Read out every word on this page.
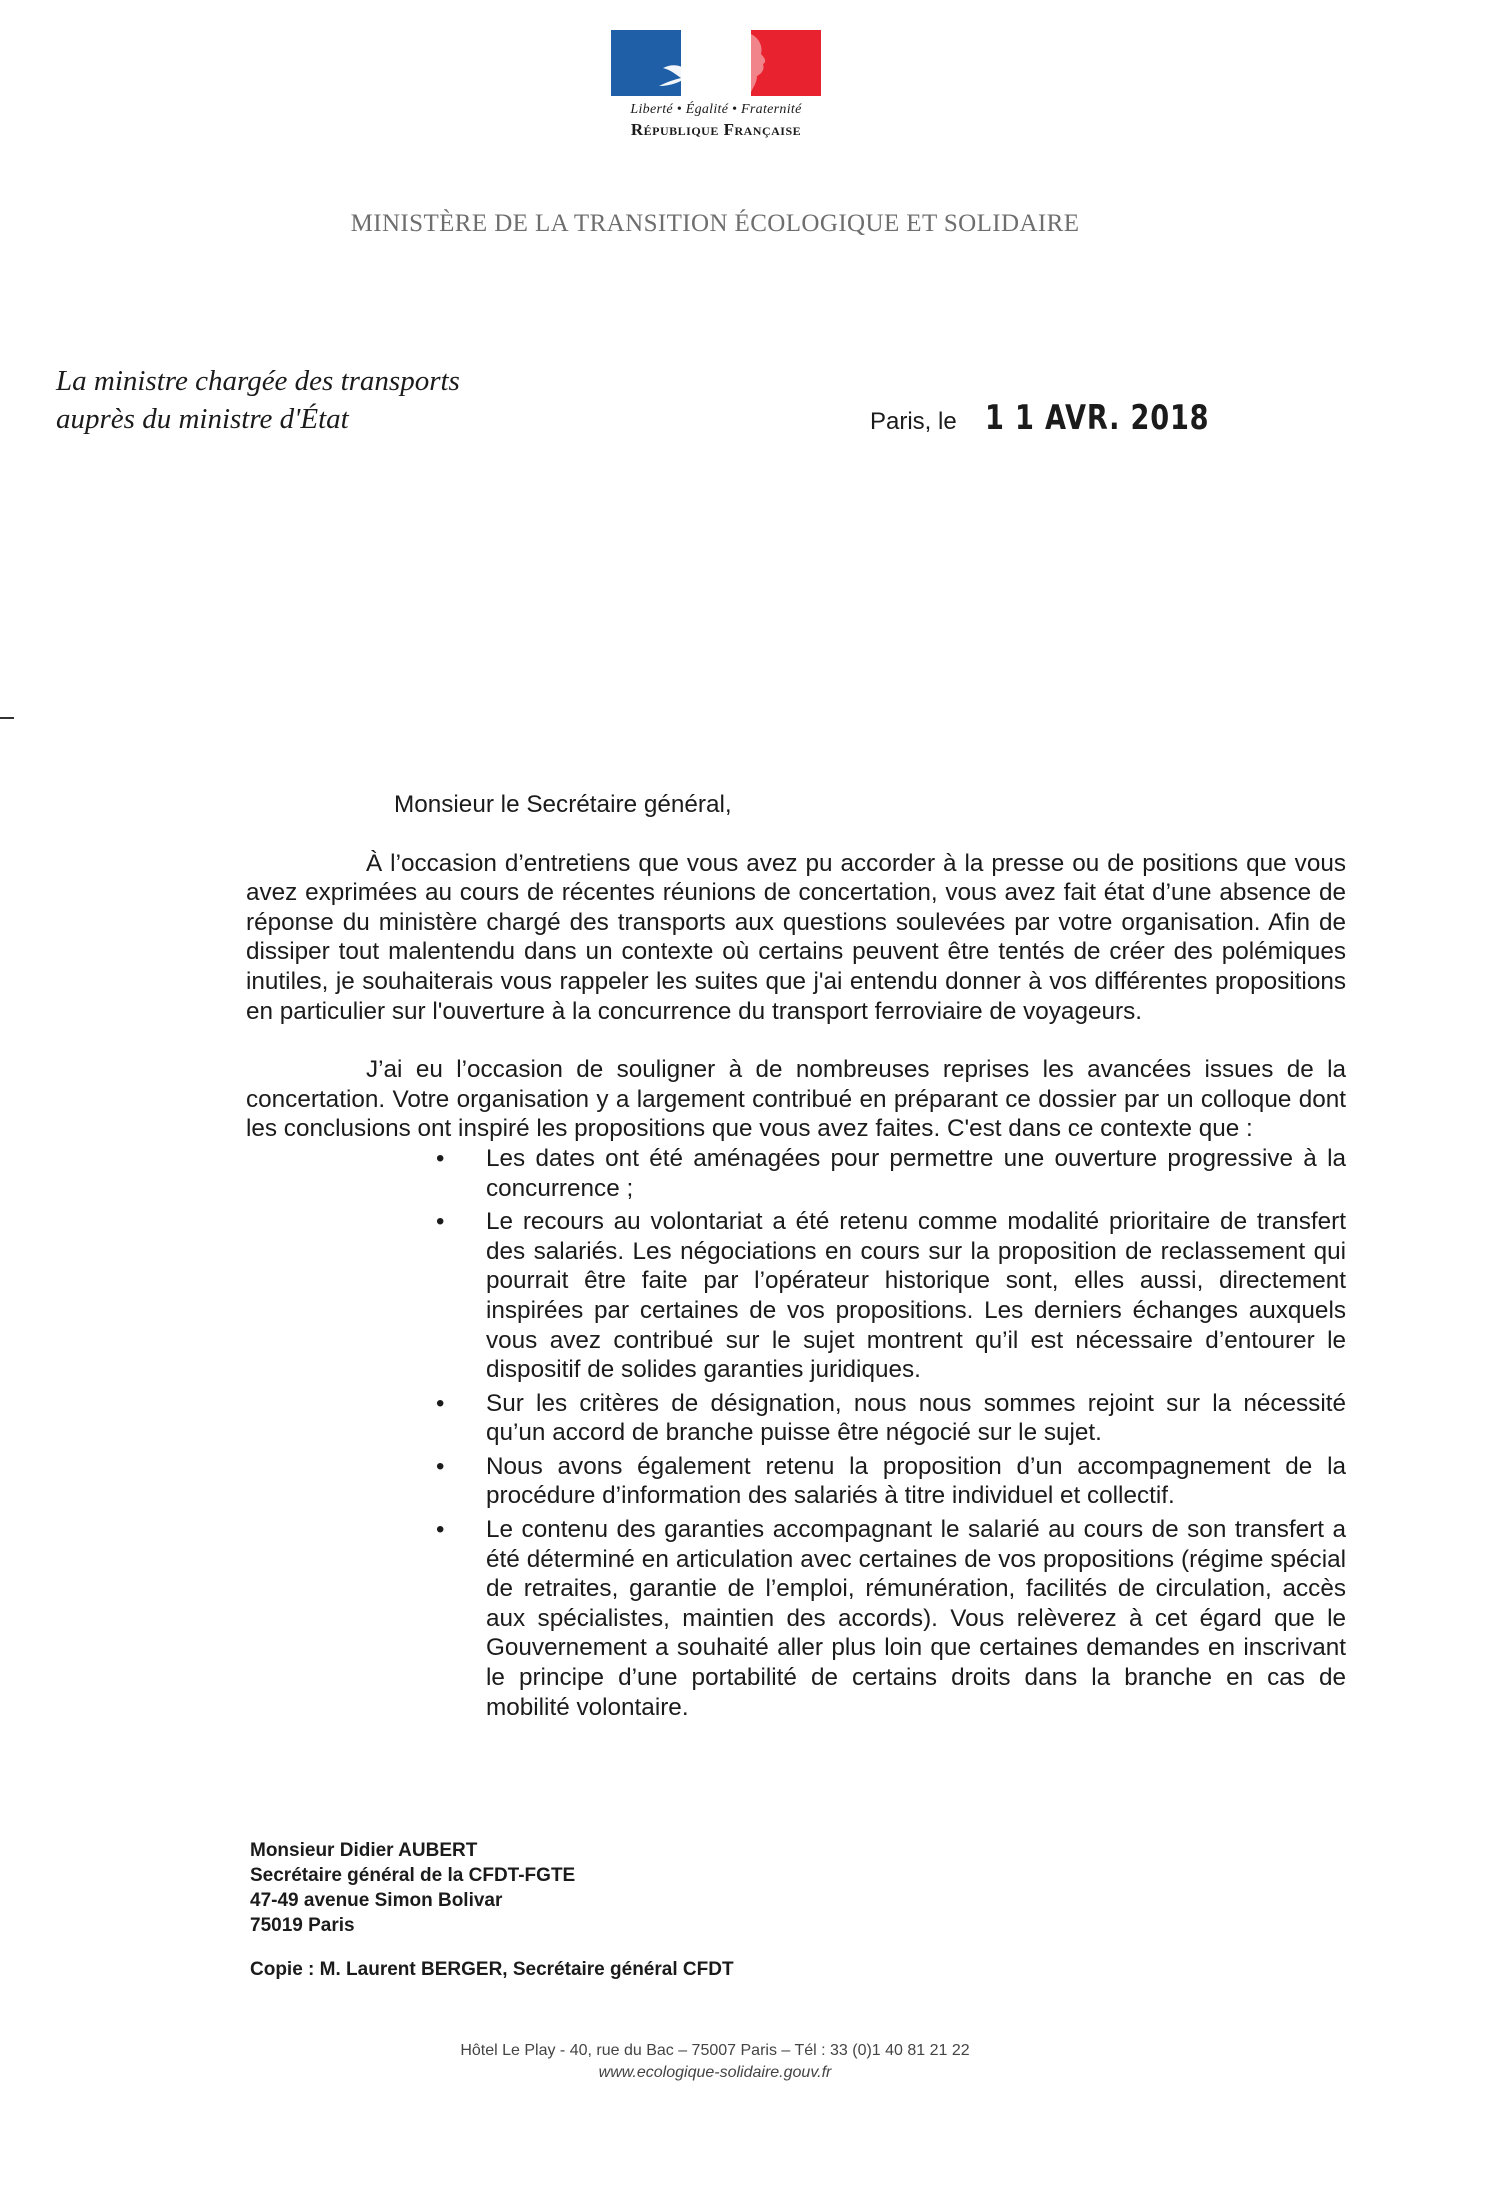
Liberté • Égalité • Fraternité
République Française
MINISTÈRE DE LA TRANSITION ÉCOLOGIQUE ET SOLIDAIRE
La ministre chargée des transports
auprès du ministre d'État	Paris, le 1 1 AVR. 2018

Monsieur le Secrétaire général,

À l’occasion d’entretiens que vous avez pu accorder à la presse ou de positions que vous avez exprimées au cours de récentes réunions de concertation, vous avez fait état d’une absence de réponse du ministère chargé des transports aux questions soulevées par votre organisation. Afin de dissiper tout malentendu dans un contexte où certains peuvent être tentés de créer des polémiques inutiles, je souhaiterais vous rappeler les suites que j'ai entendu donner à vos différentes propositions en particulier sur l'ouverture à la concurrence du transport ferroviaire de voyageurs.

J’ai eu l’occasion de souligner à de nombreuses reprises les avancées issues de la concertation. Votre organisation y a largement contribué en préparant ce dossier par un colloque dont les conclusions ont inspiré les propositions que vous avez faites. C'est dans ce contexte que :

• Les dates ont été aménagées pour permettre une ouverture progressive à la concurrence ;
• Le recours au volontariat a été retenu comme modalité prioritaire de transfert des salariés. Les négociations en cours sur la proposition de reclassement qui pourrait être faite par l’opérateur historique sont, elles aussi, directement inspirées par certaines de vos propositions. Les derniers échanges auxquels vous avez contribué sur le sujet montrent qu’il est nécessaire d’entourer le dispositif de solides garanties juridiques.
• Sur les critères de désignation, nous nous sommes rejoint sur la nécessité qu’un accord de branche puisse être négocié sur le sujet.
• Nous avons également retenu la proposition d’un accompagnement de la procédure d’information des salariés à titre individuel et collectif.
• Le contenu des garanties accompagnant le salarié au cours de son transfert a été déterminé en articulation avec certaines de vos propositions (régime spécial de retraites, garantie de l’emploi, rémunération, facilités de circulation, accès aux spécialistes, maintien des accords). Vous relèverez à cet égard que le Gouvernement a souhaité aller plus loin que certaines demandes en inscrivant le principe d’une portabilité de certains droits dans la branche en cas de mobilité volontaire.
Monsieur Didier AUBERT
Secrétaire général de la CFDT-FGTE
47-49 avenue Simon Bolivar
75019 Paris
Copie : M. Laurent BERGER, Secrétaire général CFDT
Hôtel Le Play - 40, rue du Bac – 75007 Paris – Tél : 33 (0)1 40 81 21 22
www.ecologique-solidaire.gouv.fr
